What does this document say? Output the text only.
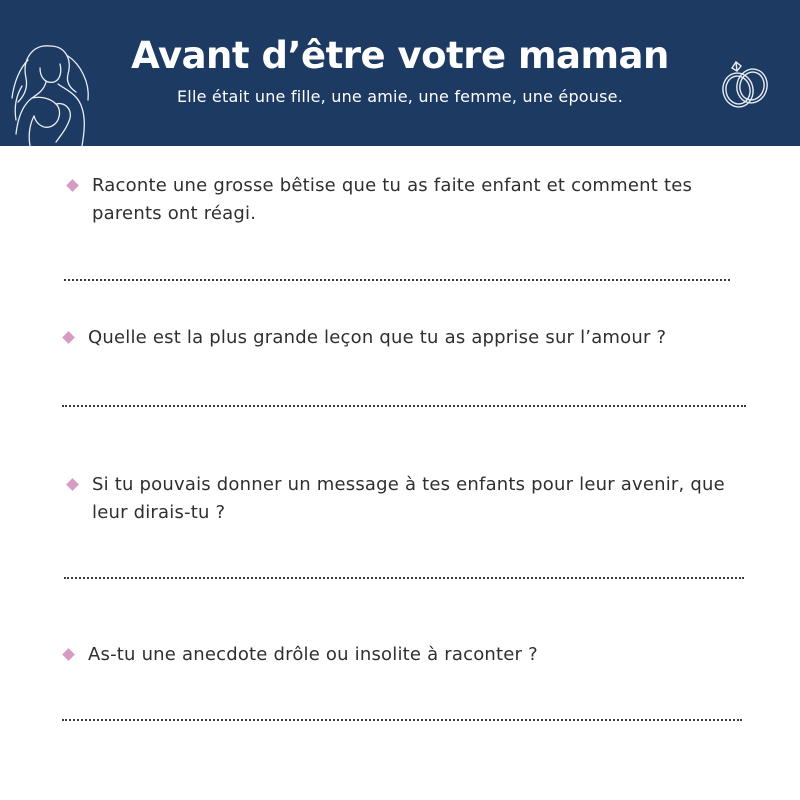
Avant d’être votre maman
Elle était une fille, une amie, une femme, une épouse.
Raconte une grosse bêtise que tu as faite enfant et comment tes parents ont réagi.
Quelle est la plus grande leçon que tu as apprise sur l’amour ?
Si tu pouvais donner un message à tes enfants pour leur avenir, que leur dirais-tu ?
As-tu une anecdote drôle ou insolite à raconter ?
